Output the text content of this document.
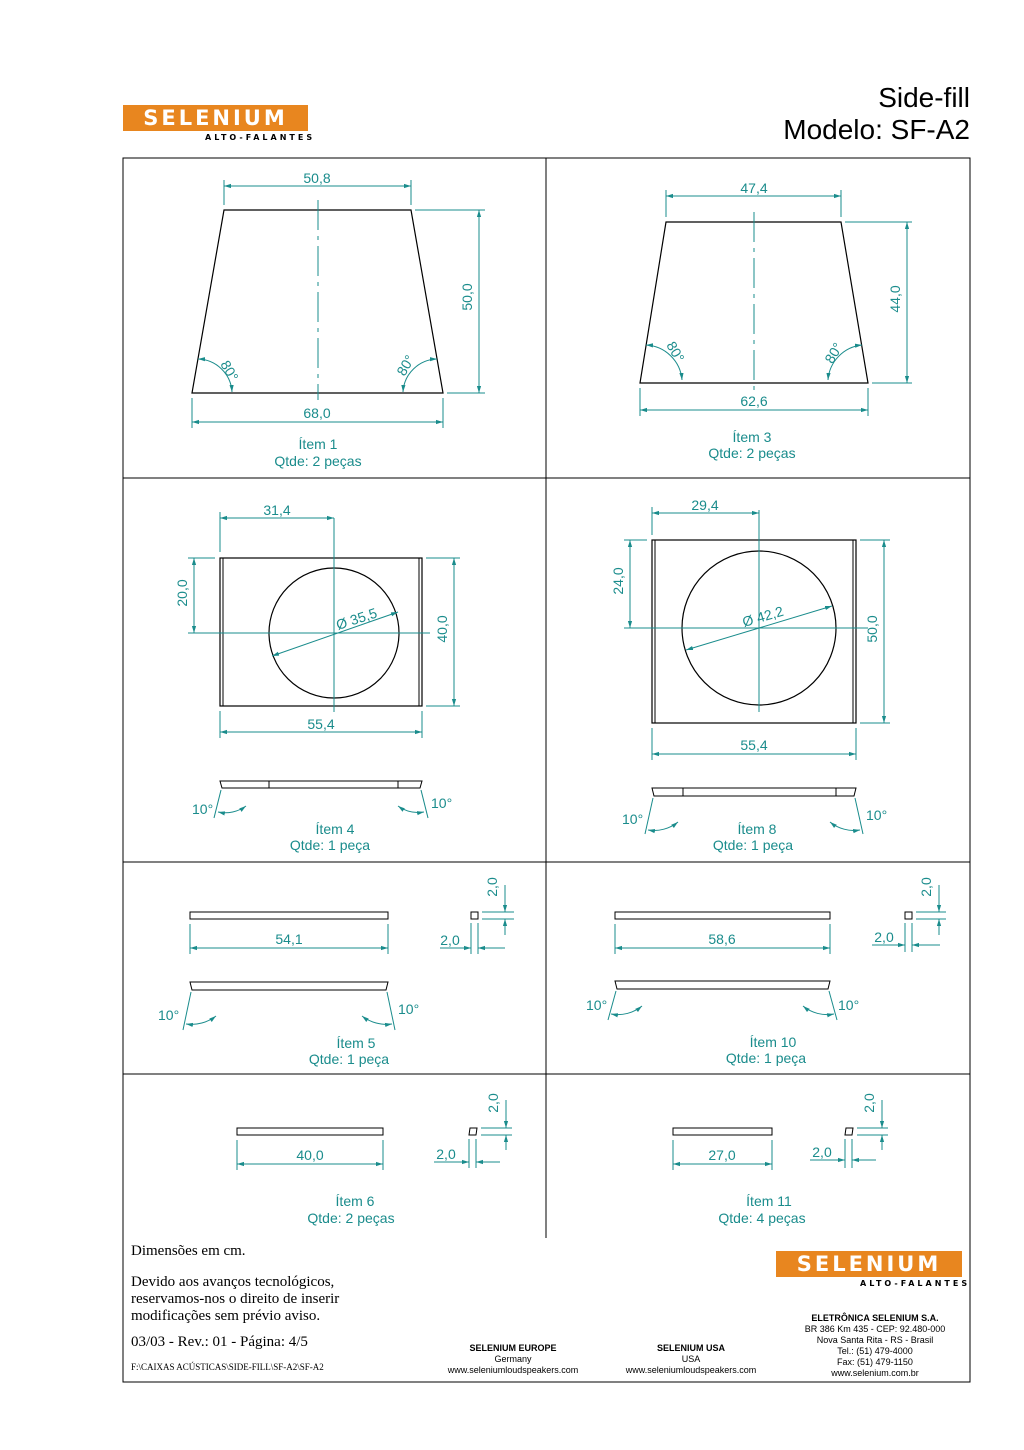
SELENIUM
ALTO-FALANTES
Side-fill
Modelo: SF-A2
50,8
50,0
68,0
80°	80°
47,4
44,0
62,6
80°	80°
Ø 35,5
31,4
20,0
40,0
55,4
10°	10°
Ø 42,2
29,4
24,0
50,0
55,4
10°	10°
54,1
2,0
2,0
10°	10°
58,6
2,0
2,0
10°	10°
40,0
2,0
2,0	27,0
2,0
2,0
Ítem 1
Qtde: 2 peças
Ítem 3
Qtde: 2 peças
Ítem 4
Qtde: 1 peça
Ítem 8
Qtde: 1 peça
Ítem 5
Qtde: 1 peça
Ítem 10
Qtde: 1 peça
Ítem 6
Qtde: 2 peças
Ítem 11
Qtde: 4 peças
Dimensões em cm.
Devido aos avanços tecnológicos,
reservamos-nos o direito de inserir
modificações sem prévio aviso.
03/03 - Rev.: 01 - Página: 4/5
F:\CAIXAS ACÚSTICAS\SIDE-FILL\SF-A2\SF-A2
SELENIUM EUROPE
Germany
www.seleniumloudspeakers.com
SELENIUM USA
USA
www.seleniumloudspeakers.com
SELENIUM
ALTO-FALANTES
ELETRÔNICA SELENIUM S.A.
BR 386 Km 435 - CEP: 92.480-000
Nova Santa Rita - RS - Brasil
Tel.: (51) 479-4000
Fax: (51) 479-1150
www.selenium.com.br
